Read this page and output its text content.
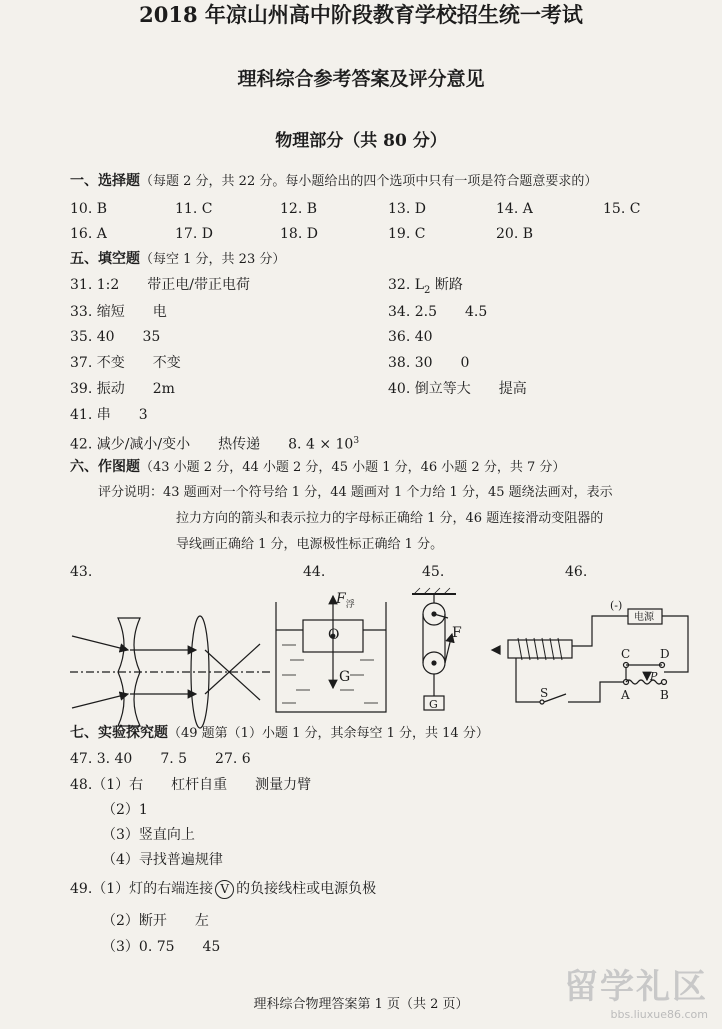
2018 年凉山州高中阶段教育学校招生统一考试
理科综合参考答案及评分意见
物理部分（共 80 分）
一、选择题（每题 2 分，共 22 分。每小题给出的四个选项中只有一项是符合题意要求的）
10. B	11. C	12. B	13. D	14. A	15. C
16. A	17. D	18. D	19. C	20. B
五、填空题（每空 1 分，共 23 分）
31. 1:2　　带正电/带正电荷	32. $L_2$ 断路
33. 缩短　　电	34. 2.5　　4.5
35. 40　　35	36. 40
37. 不变　　不变	38. 30　　0
39. 振动　　2m	40. 倒立等大　　提高
41. 串　　3
42. 减少/减小/变小　　热传递　　8. $4 \times 10^3$
六、作图题（43 小题 2 分，44 小题 2 分，45 小题 1 分，46 小题 2 分，共 7 分）
评分说明：43 题画对一个符号给 1 分，44 题画对 1 个力给 1 分，45 题绕法画对，表示
拉力方向的箭头和表示拉力的字母标正确给 1 分，46 题连接滑动变阻器的
导线画正确给 1 分，电源极性标正确给 1 分。
43.	44.	45.	46.
$F_浮$
O
G
F
G
(-)
电源
C D
P
A	B
S
七、实验探究题（49 题第（1）小题 1 分，其余每空 1 分，共 14 分）
47. 3. 40　　7. 5　　27. 6
48.（1）右　　杠杆自重　　测量力臂
（2）1
（3）竖直向上
（4）寻找普遍规律
49.（1）灯的右端连接 V 的负接线柱或电源负极
（2）断开　　左
（3）0. 75　　45
理科综合物理答案第 1 页（共 2 页）	留学礼区
bbs.liuxue86.com
